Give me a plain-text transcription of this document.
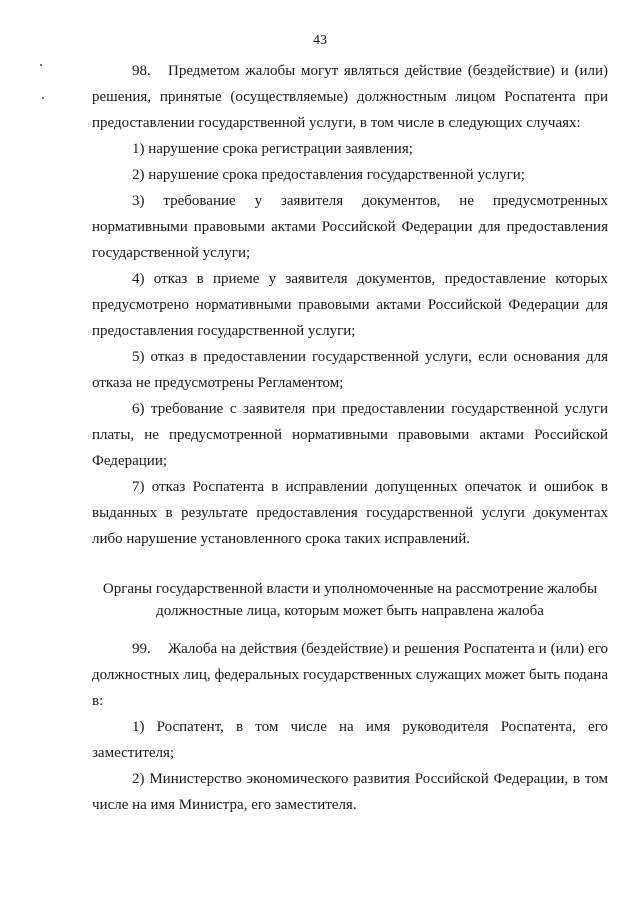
43

98. Предметом жалобы могут являться действие (бездействие) и (или) решения, принятые (осуществляемые) должностным лицом Роспатента при предоставлении государственной услуги, в том числе в следующих случаях:

1) нарушение срока регистрации заявления;

2) нарушение срока предоставления государственной услуги;

3) требование у заявителя документов, не предусмотренных нормативными правовыми актами Российской Федерации для предоставления государственной услуги;

4) отказ в приеме у заявителя документов, предоставление которых предусмотрено нормативными правовыми актами Российской Федерации для предоставления государственной услуги;

5) отказ в предоставлении государственной услуги, если основания для отказа не предусмотрены Регламентом;

6) требование с заявителя при предоставлении государственной услуги платы, не предусмотренной нормативными правовыми актами Российской Федерации;

7) отказ Роспатента в исправлении допущенных опечаток и ошибок в выданных в результате предоставления государственной услуги документах либо нарушение установленного срока таких исправлений.

Органы государственной власти и уполномоченные на рассмотрение жалобы
должностные лица, которым может быть направлена жалоба

99. Жалоба на действия (бездействие) и решения Роспатента и (или) его должностных лиц, федеральных государственных служащих может быть подана в:

1) Роспатент, в том числе на имя руководителя Роспатента, его заместителя;

2) Министерство экономического развития Российской Федерации, в том числе на имя Министра, его заместителя.
